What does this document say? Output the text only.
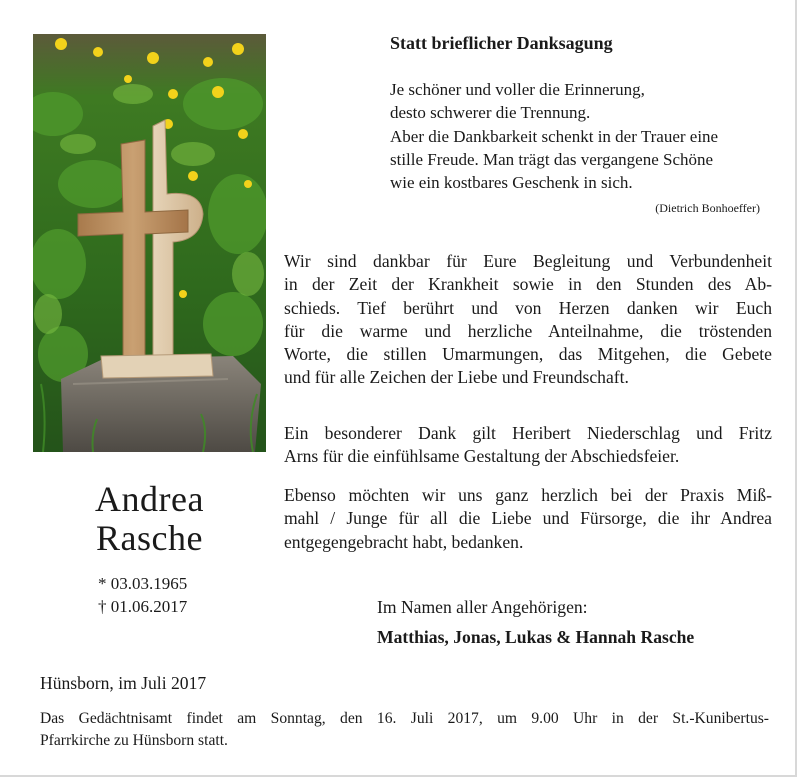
Andrea
Rasche
* 03.03.1965
† 01.06.2017
Statt brieflicher Danksagung
Je schöner und voller die Erinnerung,
desto schwerer die Trennung.
Aber die Dankbarkeit schenkt in der Trauer eine
stille Freude. Man trägt das vergangene Schöne
wie ein kostbares Geschenk in sich.
(Dietrich Bonhoeffer)
Wir sind dankbar für Eure Begleitung und Verbundenheit
in der Zeit der Krankheit sowie in den Stunden des Ab-
schieds. Tief berührt und von Herzen danken wir Euch
für die warme und herzliche Anteilnahme, die tröstenden
Worte, die stillen Umarmungen, das Mitgehen, die Gebete
und für alle Zeichen der Liebe und Freundschaft.
Ein besonderer Dank gilt Heribert Niederschlag und Fritz
Arns für die einfühlsame Gestaltung der Abschiedsfeier.
Ebenso möchten wir uns ganz herzlich bei der Praxis Miß-
mahl / Junge für all die Liebe und Fürsorge, die ihr Andrea
entgegengebracht habt, bedanken.
Im Namen aller Angehörigen:
Matthias, Jonas, Lukas & Hannah Rasche
Hünsborn, im Juli 2017
Das Gedächtnisamt findet am Sonntag, den 16. Juli 2017, um 9.00 Uhr in der St.-Kunibertus-
Pfarrkirche zu Hünsborn statt.
